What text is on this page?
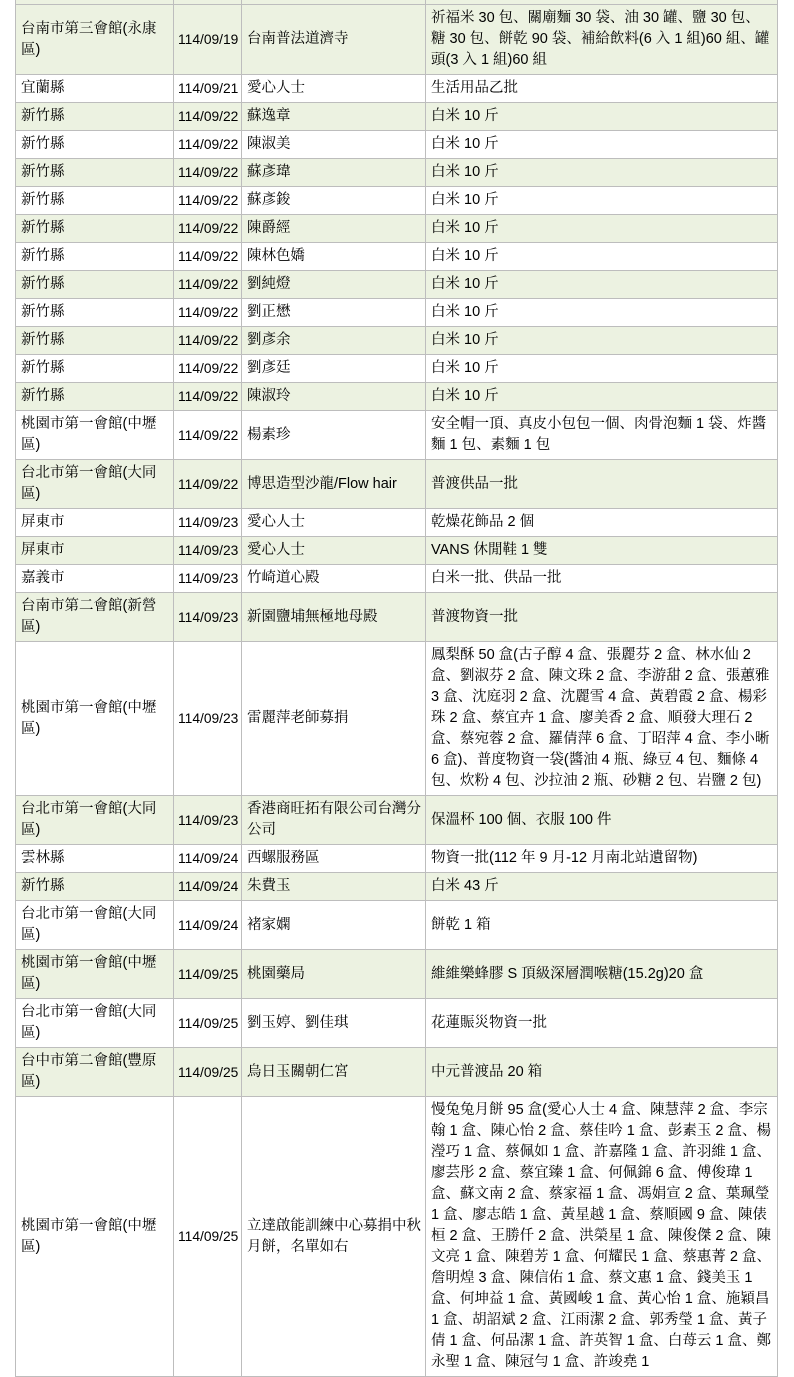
台南市第三會館(永康區)	114/09/19	台南普法道濟寺	祈福米 30 包、關廟麵 30 袋、油 30 罐、鹽 30 包、糖 30 包、餅乾 90 袋、補給飲料(6 入 1 組)60 組、罐頭(3 入 1 組)60 組
宜蘭縣	114/09/21	愛心人士	生活用品乙批
新竹縣	114/09/22	蘇逸章	白米 10 斤
新竹縣	114/09/22	陳淑美	白米 10 斤
新竹縣	114/09/22	蘇彥瑋	白米 10 斤
新竹縣	114/09/22	蘇彥鋑	白米 10 斤
新竹縣	114/09/22	陳爵經	白米 10 斤
新竹縣	114/09/22	陳林色嬌	白米 10 斤
新竹縣	114/09/22	劉純燈	白米 10 斤
新竹縣	114/09/22	劉正懋	白米 10 斤
新竹縣	114/09/22	劉彥余	白米 10 斤
新竹縣	114/09/22	劉彥廷	白米 10 斤
新竹縣	114/09/22	陳淑玲	白米 10 斤
桃園市第一會館(中壢區)	114/09/22	楊素珍	安全帽一頂、真皮小包包一個、肉骨泡麵 1 袋、炸醬麵 1 包、素麵 1 包
台北市第一會館(大同區)	114/09/22	博思造型沙龍/Flow hair	普渡供品一批
屏東市	114/09/23	愛心人士	乾燥花飾品 2 個
屏東市	114/09/23	愛心人士	VANS 休閒鞋 1 雙
嘉義市	114/09/23	竹崎道心殿	白米一批、供品一批
台南市第二會館(新營區)	114/09/23	新園鹽埔無極地母殿	普渡物資一批
桃園市第一會館(中壢區)	114/09/23	雷麗萍老師募捐	鳳梨酥 50 盒(古子醇 4 盒、張麗芬 2 盒、林水仙 2 盒、劉淑芬 2 盒、陳文珠 2 盒、李游甜 2 盒、張蕙雅 3 盒、沈庭羽 2 盒、沈麗雪 4 盒、黃碧霞 2 盒、楊彩珠 2 盒、蔡宜卉 1 盒、廖美香 2 盒、順發大理石 2 盒、蔡宛蓉 2 盒、羅倩萍 6 盒、丁昭萍 4 盒、李小晰 6 盒)、普度物資一袋(醬油 4 瓶、綠豆 4 包、麵條 4 包、炊粉 4 包、沙拉油 2 瓶、砂糖 2 包、岩鹽 2 包)
台北市第一會館(大同區)	114/09/23	香港商旺拓有限公司台灣分公司	保溫杯 100 個、衣服 100 件
雲林縣	114/09/24	西螺服務區	物資一批(112 年 9 月-12 月南北站遺留物)
新竹縣	114/09/24	朱費玉	白米 43 斤
台北市第一會館(大同區)	114/09/24	褚家嫻	餅乾 1 箱
桃園市第一會館(中壢區)	114/09/25	桃園藥局	維維樂蜂膠 S 頂級深層潤喉糖(15.2g)20 盒
台北市第一會館(大同區)	114/09/25	劉玉婷、劉佳琪	花蓮賑災物資一批
台中市第二會館(豐原區)	114/09/25	烏日玉關朝仁宮	中元普渡品 20 箱
桃園市第一會館(中壢區)	114/09/25	立達啟能訓練中心募捐中秋月餅，名單如右	慢兔兔月餅 95 盒(愛心人士 4 盒、陳慧萍 2 盒、李宗翰 1 盒、陳心怡 2 盒、蔡佳吟 1 盒、彭素玉 2 盒、楊瀅巧 1 盒、蔡佩如 1 盒、許嘉隆 1 盒、許羽維 1 盒、廖芸彤 2 盒、蔡宜臻 1 盒、何佩錦 6 盒、傅俊瑋 1 盒、蘇文南 2 盒、蔡家福 1 盒、馮娟宣 2 盒、葉珮瑩 1 盒、廖志皓 1 盒、黃星越 1 盒、蔡順國 9 盒、陳俵桓 2 盒、王勝仟 2 盒、洪榮星 1 盒、陳俊傑 2 盒、陳文亮 1 盒、陳碧芳 1 盒、何耀民 1 盒、蔡惠菁 2 盒、詹明煌 3 盒、陳信佑 1 盒、蔡文惠 1 盒、錢美玉 1 盒、何坤益 1 盒、黃國峻 1 盒、黃心怡 1 盒、施穎昌 1 盒、胡詔斌 2 盒、江雨潔 2 盒、郭秀瑩 1 盒、黃子倩 1 盒、何品潔 1 盒、許英智 1 盒、白苺云 1 盒、鄭永聖 1 盒、陳冠勻 1 盒、許竣堯 1
